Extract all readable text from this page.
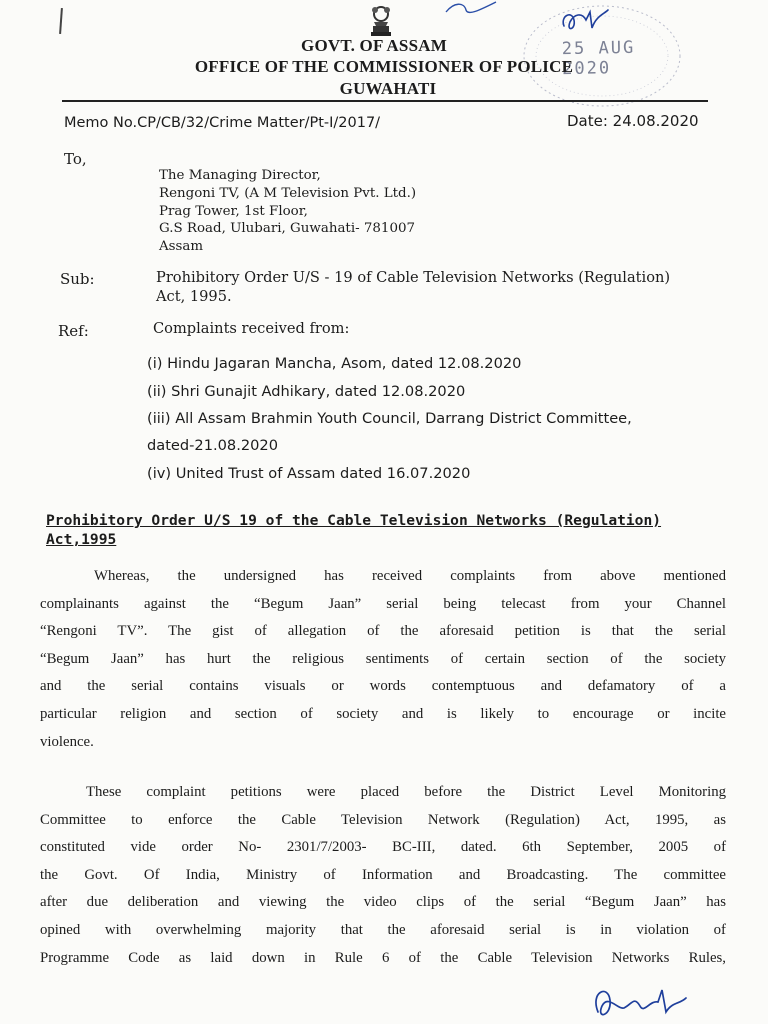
25 AUG 2020
GOVT. OF ASSAM
OFFICE OF THE COMMISSIONER OF POLICE
GUWAHATI
Memo No.CP/CB/32/Crime Matter/Pt-I/2017/	Date: 24.08.2020
To,
The Managing Director,
Rengoni TV, (A M Television Pvt. Ltd.)
Prag Tower, 1st Floor,
G.S Road, Ulubari, Guwahati- 781007
Assam
Sub:	Prohibitory Order U/S - 19 of Cable Television Networks (Regulation)
Act, 1995.
Ref:	Complaints received from:
(i) Hindu Jagaran Mancha, Asom, dated 12.08.2020
(ii) Shri Gunajit Adhikary, dated 12.08.2020
(iii) All Assam Brahmin Youth Council, Darrang District Committee,
dated-21.08.2020
(iv) United Trust of Assam dated 16.07.2020
Prohibitory Order U/S 19 of the Cable Television Networks (Regulation)
Act,1995
Whereas, the undersigned has received complaints from above mentioned
complainants against the “Begum Jaan” serial being telecast from your Channel
“Rengoni TV”. The gist of allegation of the aforesaid petition is that the serial
“Begum Jaan” has hurt the religious sentiments of certain section of the society
and the serial contains visuals or words contemptuous and defamatory of a
particular religion and section of society and is likely to encourage or incite
violence.
These complaint petitions were placed before the District Level Monitoring
Committee to enforce the Cable Television Network (Regulation) Act, 1995, as
constituted vide order No- 2301/7/2003- BC-III, dated. 6th September, 2005 of
the Govt. Of India, Ministry of Information and Broadcasting. The committee
after due deliberation and viewing the video clips of the serial “Begum Jaan” has
opined with overwhelming majority that the aforesaid serial is in violation of
Programme Code as laid down in Rule 6 of the Cable Television Networks Rules,
